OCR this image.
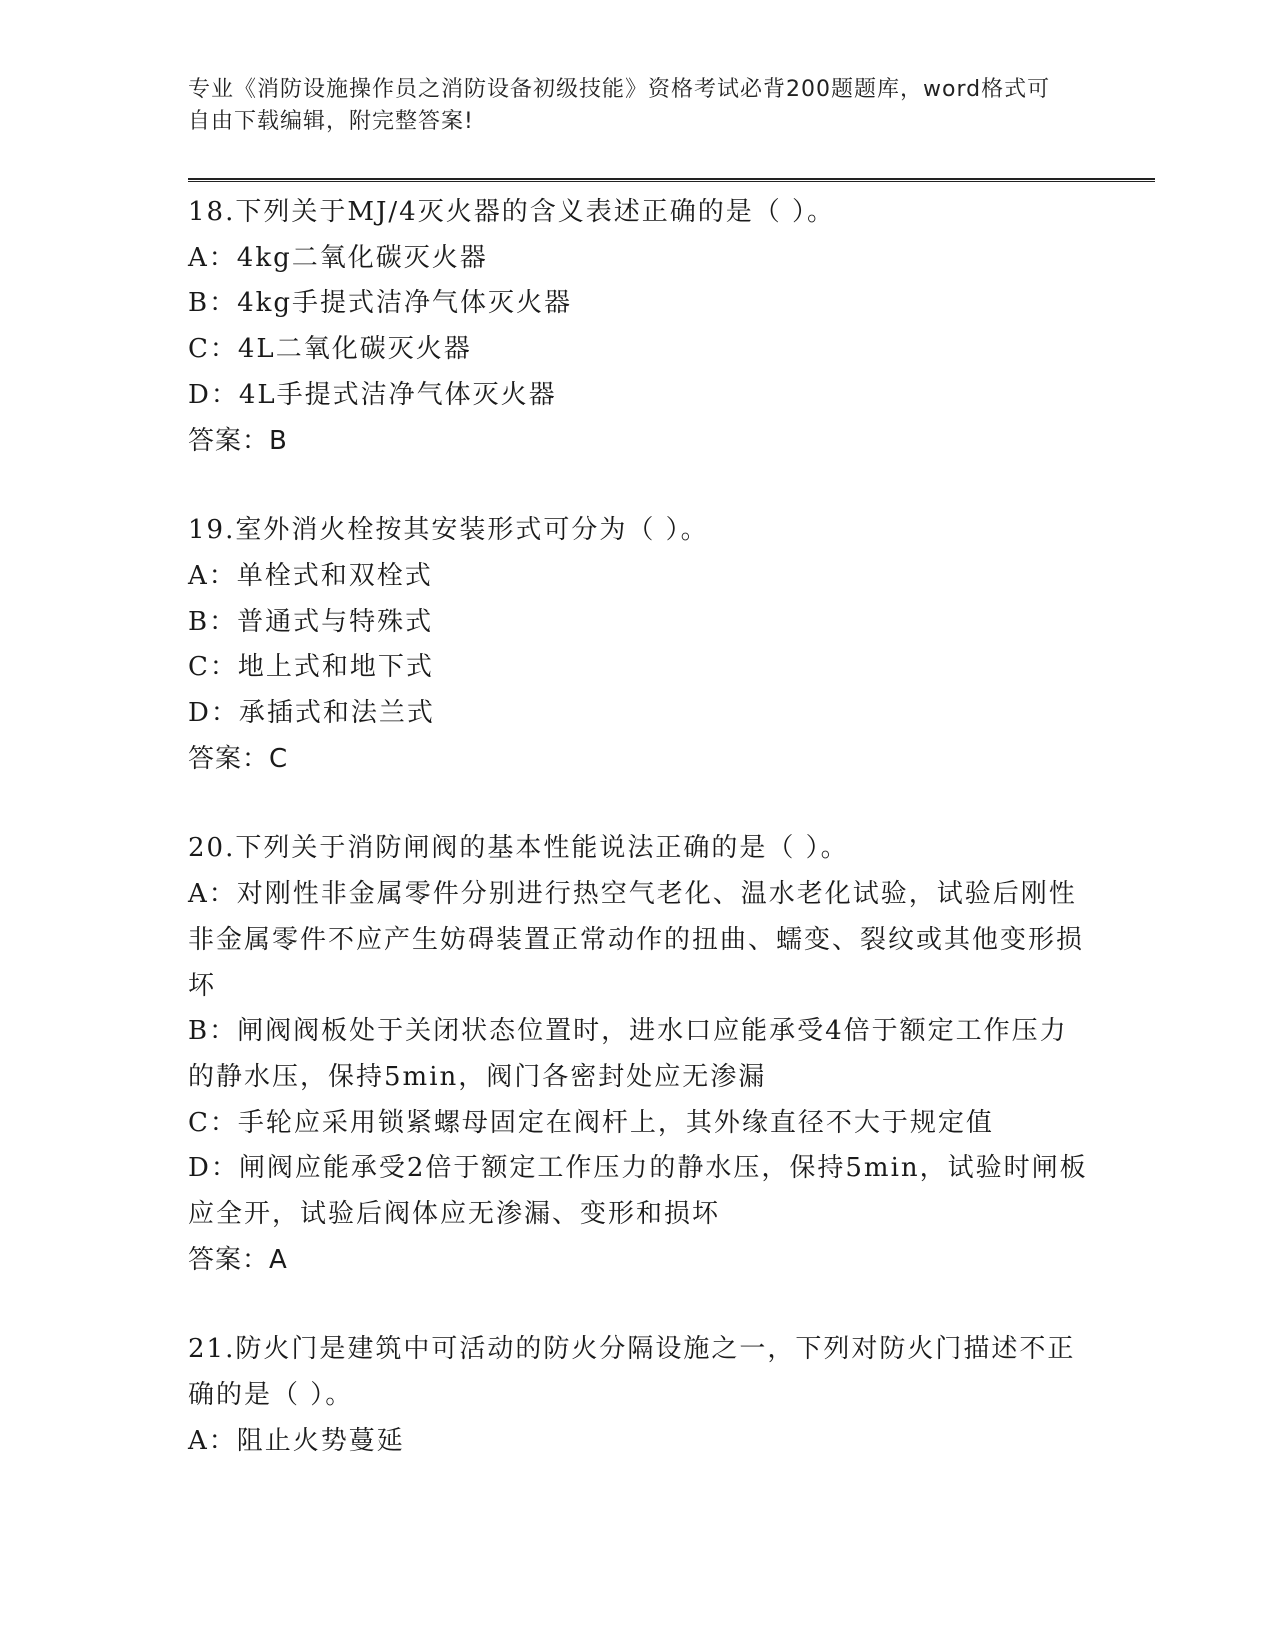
专业《消防设施操作员之消防设备初级技能》资格考试必背200题题库，word格式可自由下载编辑，附完整答案!
18.下列关于MJ/4灭火器的含义表述正确的是（ ）。
A：4kg二氧化碳灭火器
B：4kg手提式洁净气体灭火器
C：4L二氧化碳灭火器
D：4L手提式洁净气体灭火器
答案：B
19.室外消火栓按其安装形式可分为（ ）。
A：单栓式和双栓式
B：普通式与特殊式
C：地上式和地下式
D：承插式和法兰式
答案：C
20.下列关于消防闸阀的基本性能说法正确的是（ ）。
A：对刚性非金属零件分别进行热空气老化、温水老化试验，试验后刚性非金属零件不应产生妨碍装置正常动作的扭曲、蠕变、裂纹或其他变形损坏
B：闸阀阀板处于关闭状态位置时，进水口应能承受4倍于额定工作压力的静水压，保持5min，阀门各密封处应无渗漏
C：手轮应采用锁紧螺母固定在阀杆上，其外缘直径不大于规定值
D：闸阀应能承受2倍于额定工作压力的静水压，保持5min，试验时闸板应全开，试验后阀体应无渗漏、变形和损坏
答案：A
21.防火门是建筑中可活动的防火分隔设施之一，下列对防火门描述不正确的是（ ）。
A：阻止火势蔓延
